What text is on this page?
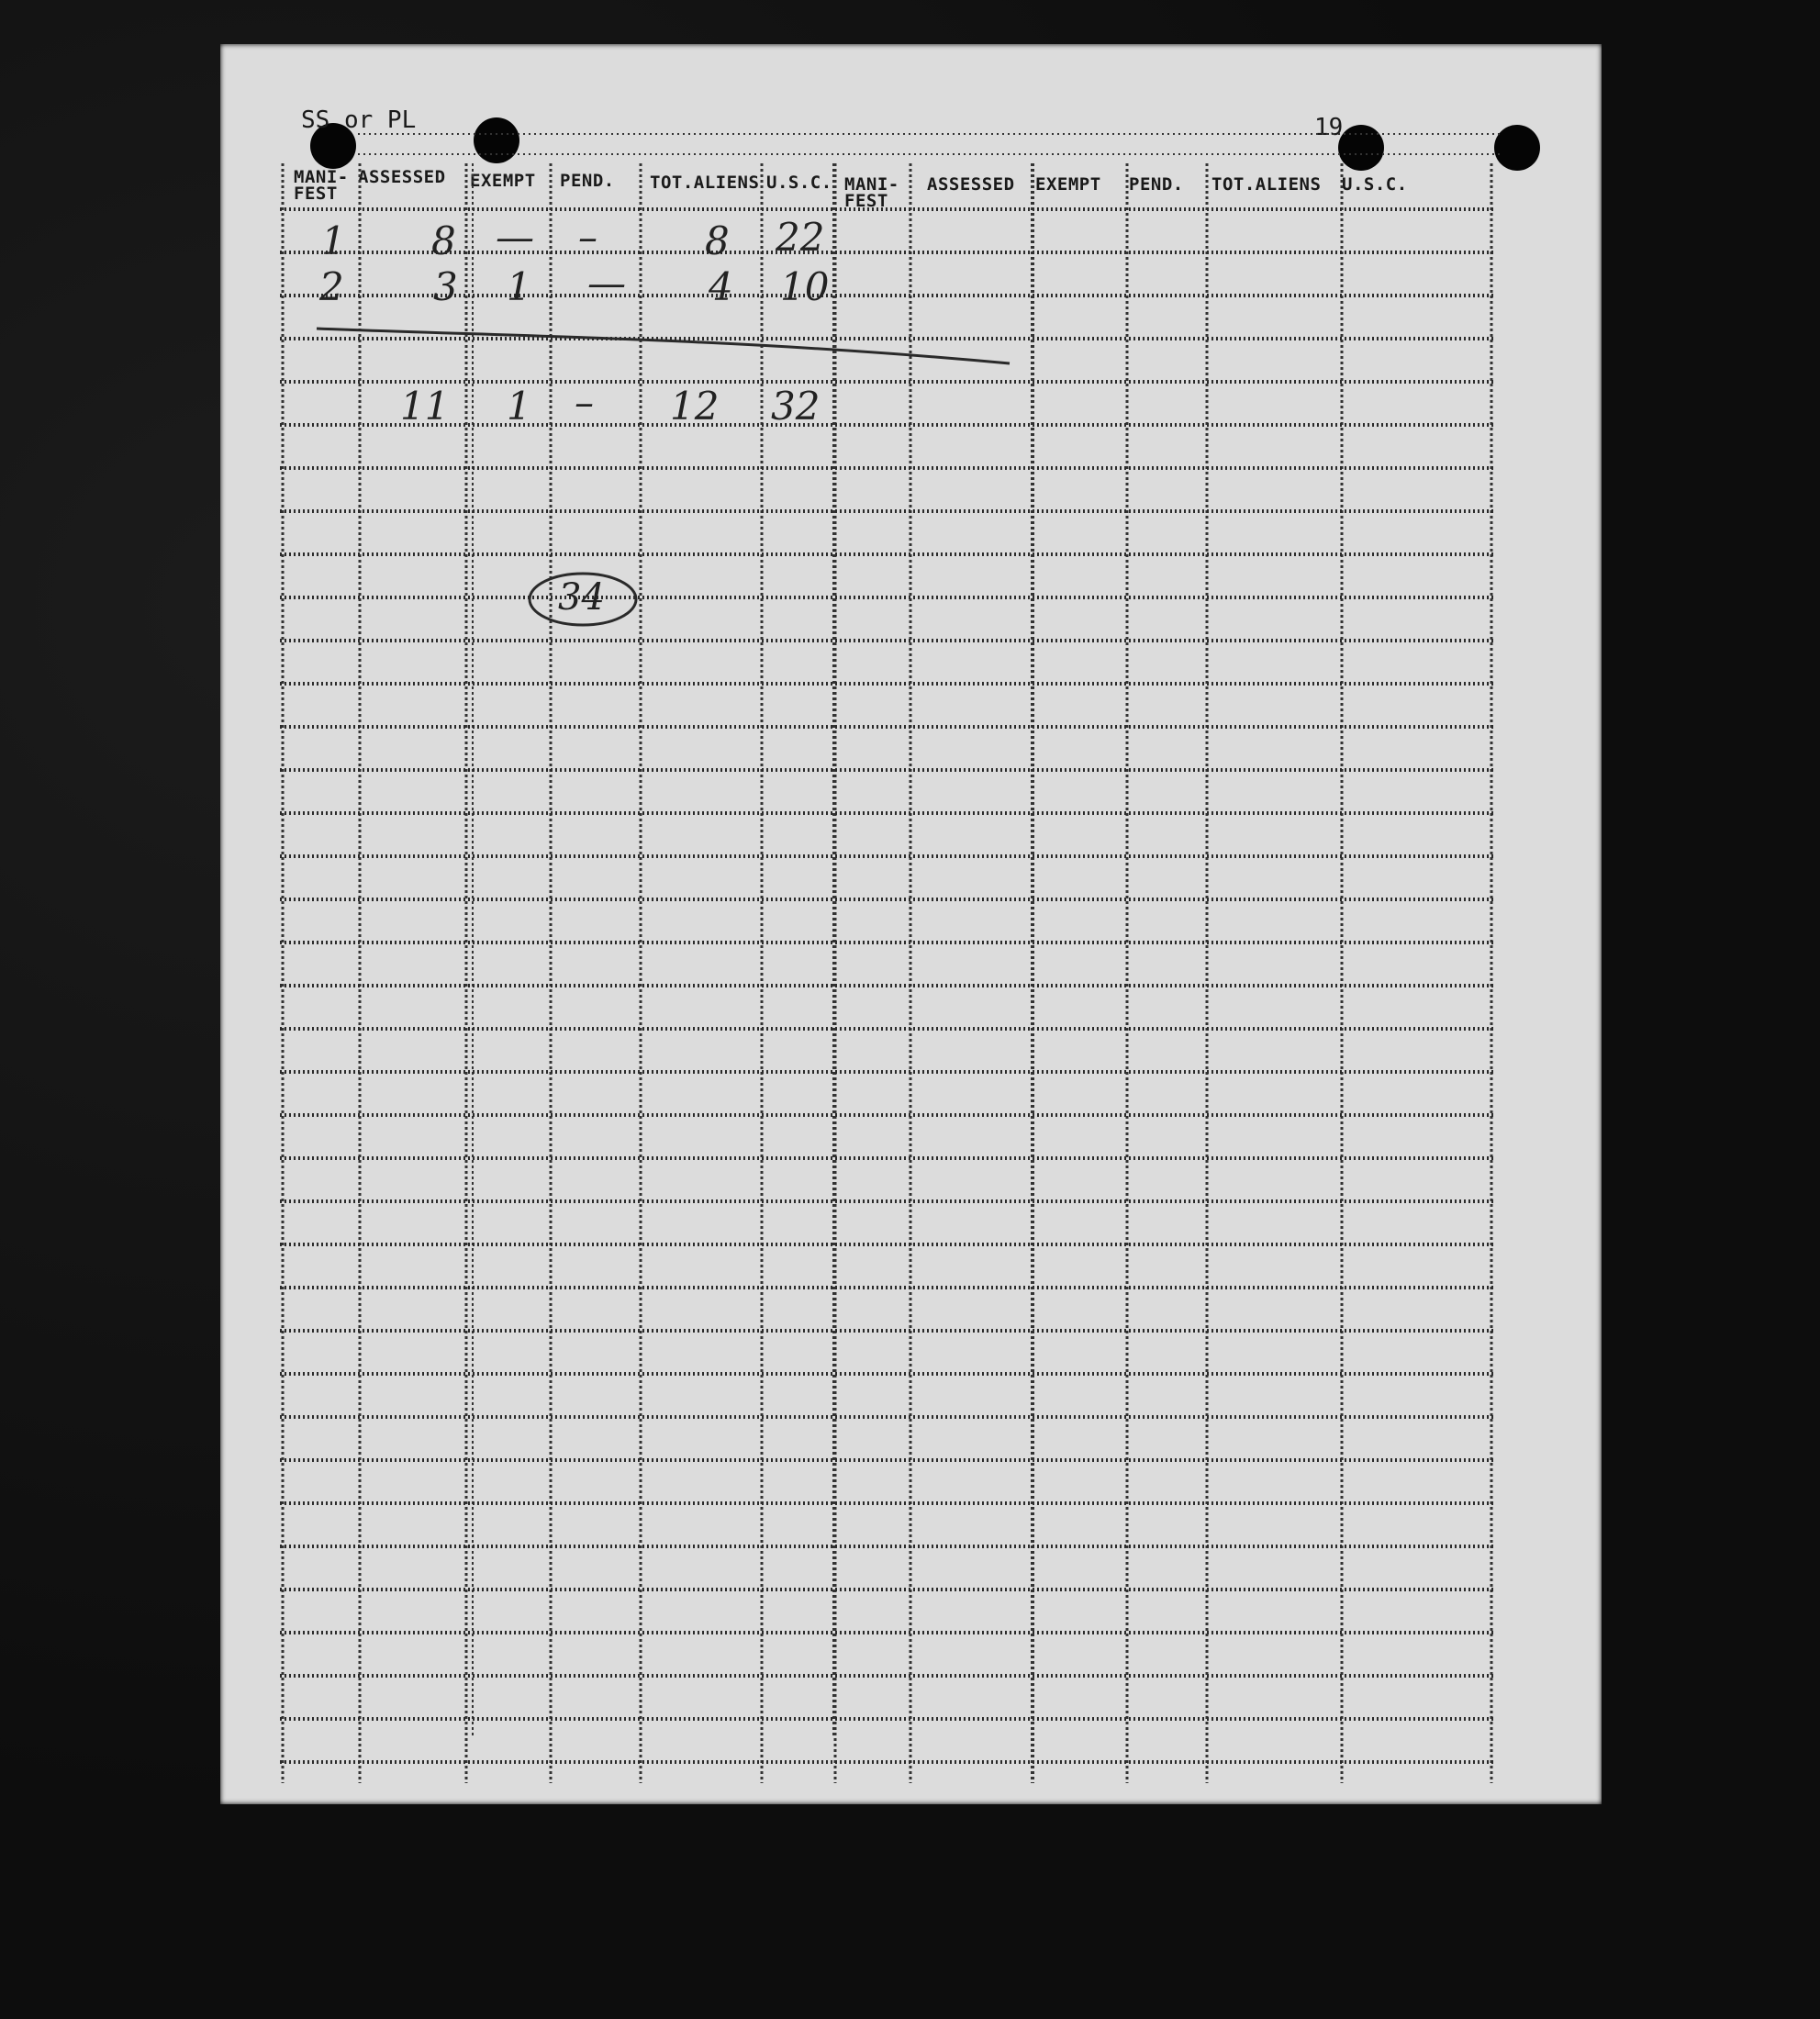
SS or PL	19
MANI-
FEST
ASSESSED EXEMPT PEND. TOT.ALIENS U.S.C. MANI-
FEST
ASSESSED EXEMPT PEND. TOT.ALIENS U.S.C.
1 8 — –	8 22
2 3 1 — 4 10
11 1 – 12 32
34
